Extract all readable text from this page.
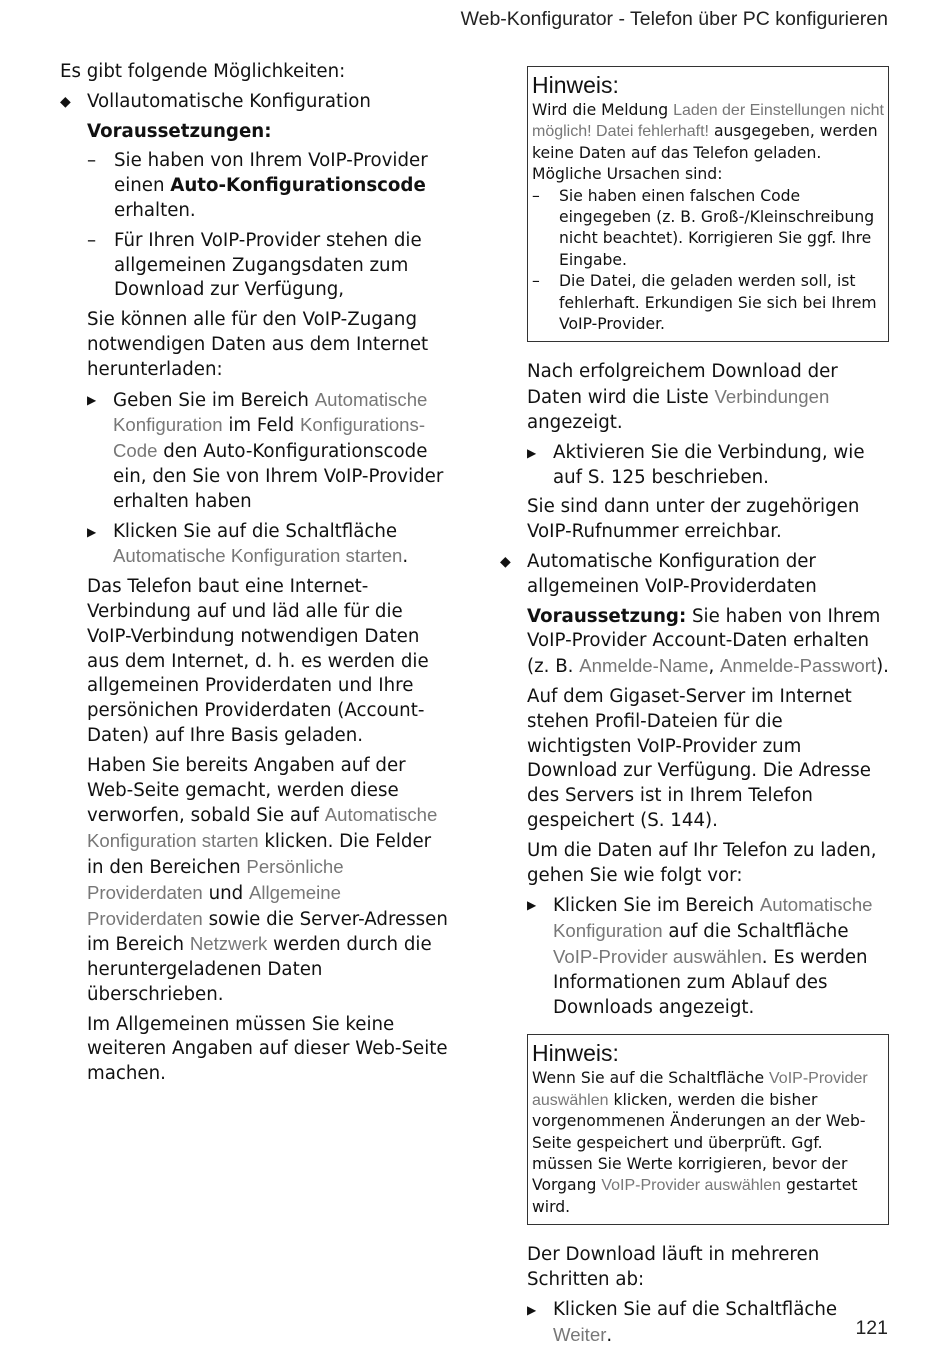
Web-Konfigurator - Telefon über PC konfigurieren

Es gibt folgende Möglichkeiten:

◆ Vollautomatische Konfiguration

Voraussetzungen:

– Sie haben von Ihrem VoIP-Provider einen Auto-Konfigurationscode erhalten.
– Für Ihren VoIP-Provider stehen die allgemeinen Zugangsdaten zum Download zur Verfügung,

Sie können alle für den VoIP-Zugang notwendigen Daten aus dem Internet herunterladen:

▶ Geben Sie im Bereich Automatische Konfiguration im Feld Konfigurations-Code den Auto-Konfigurationscode ein, den Sie von Ihrem VoIP-Provider erhalten haben
▶ Klicken Sie auf die Schaltfläche Automatische Konfiguration starten.

Das Telefon baut eine Internet- Verbindung auf und läd alle für die VoIP-Verbindung notwendigen Daten aus dem Internet, d. h. es werden die allgemeinen Providerdaten und Ihre persönichen Providerdaten (Account-Daten) auf Ihre Basis geladen.

Haben Sie bereits Angaben auf der Web-Seite gemacht, werden diese verworfen, sobald Sie auf Automatische Konfiguration starten klicken. Die Felder in den Bereichen Persönliche Providerdaten und Allgemeine Providerdaten sowie die Server-Adressen im Bereich Netzwerk werden durch die heruntergeladenen Daten überschrieben.

Im Allgemeinen müssen Sie keine weiteren Angaben auf dieser Web-Seite machen.

Hinweis:
Wird die Meldung Laden der Einstellungen nicht möglich! Datei fehlerhaft! ausgegeben, werden keine Daten auf das Telefon geladen. Mögliche Ursachen sind:
–	Sie haben einen falschen Code eingegeben (z. B. Groß-/Kleinschreibung nicht beachtet). Korrigieren Sie ggf. Ihre Eingabe.
–	Die Datei, die geladen werden soll, ist fehlerhaft. Erkundigen Sie sich bei Ihrem VoIP-Provider.

Nach erfolgreichem Download der Daten wird die Liste Verbindungen angezeigt.

▶ Aktivieren Sie die Verbindung, wie auf S. 125 beschrieben.

Sie sind dann unter der zugehörigen VoIP-Rufnummer erreichbar.

◆ Automatische Konfiguration der allgemeinen VoIP-Providerdaten

Voraussetzung: Sie haben von Ihrem VoIP-Provider Account-Daten erhalten (z. B. Anmelde-Name, Anmelde-Passwort).

Auf dem Gigaset-Server im Internet stehen Profil-Dateien für die wichtigsten VoIP-Provider zum Download zur Verfügung. Die Adresse des Servers ist in Ihrem Telefon gespeichert (S. 144).

Um die Daten auf Ihr Telefon zu laden, gehen Sie wie folgt vor:

▶ Klicken Sie im Bereich Automatische Konfiguration auf die Schaltfläche VoIP-Provider auswählen. Es werden Informationen zum Ablauf des Downloads angezeigt.
Hinweis:
Wenn Sie auf die Schaltfläche VoIP-Provider auswählen klicken, werden die bisher vorgenommenen Änderungen an der Web-Seite gespeichert und überprüft. Ggf. müssen Sie Werte korrigieren, bevor der Vorgang VoIP-Provider auswählen gestartet wird.

Der Download läuft in mehreren Schritten ab:

▶ Klicken Sie auf die Schaltfläche Weiter.	121
